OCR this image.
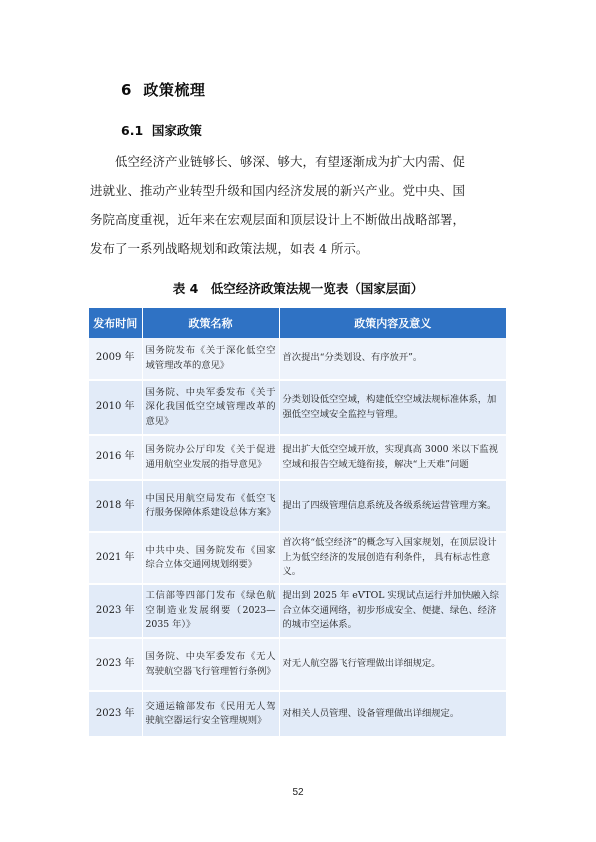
6 政策梳理
6.1 国家政策

低空经济产业链够长、够深、够大，有望逐渐成为扩大内需、促

进就业、推动产业转型升级和国内经济发展的新兴产业。党中央、国

务院高度重视，近年来在宏观层面和顶层设计上不断做出战略部署，

发布了一系列战略规划和政策法规，如表 4 所示。

表 4　低空经济政策法规一览表（国家层面）
发布时间	政策名称	政策内容及意义
2009 年	国务院发布《关于深化低空空域管理改革的意见》	首次提出“分类划设、有序放开”。
2010 年	国务院、中央军委发布《关于深化我国低空空域管理改革的意见》	分类划设低空空域，构建低空空域法规标准体系，加强低空空域安全监控与管理。
2016 年	国务院办公厅印发《关于促进通用航空业发展的指导意见》	提出扩大低空空域开放，实现真高 3000 米以下监视空域和报告空域无缝衔接，解决“上天难”问题
2018 年	中国民用航空局发布《低空飞行服务保障体系建设总体方案》	提出了四级管理信息系统及各级系统运营管理方案。
2021 年	中共中央、国务院发布《国家综合立体交通网规划纲要》	首次将“低空经济”的概念写入国家规划，在顶层设计上为低空经济的发展创造有利条件， 具有标志性意义。
2023 年	工信部等四部门发布《绿色航空制造业发展纲要（2023—2035 年）》	提出到 2025 年 eVTOL 实现试点运行并加快融入综合立体交通网络，初步形成安全、便捷、绿色、经济的城市空运体系。
2023 年	国务院、中央军委发布《无人驾驶航空器飞行管理暂行条例》	对无人航空器飞行管理做出详细规定。
2023 年	交通运输部发布《民用无人驾驶航空器运行安全管理规则》	对相关人员管理、设备管理做出详细规定。
52
